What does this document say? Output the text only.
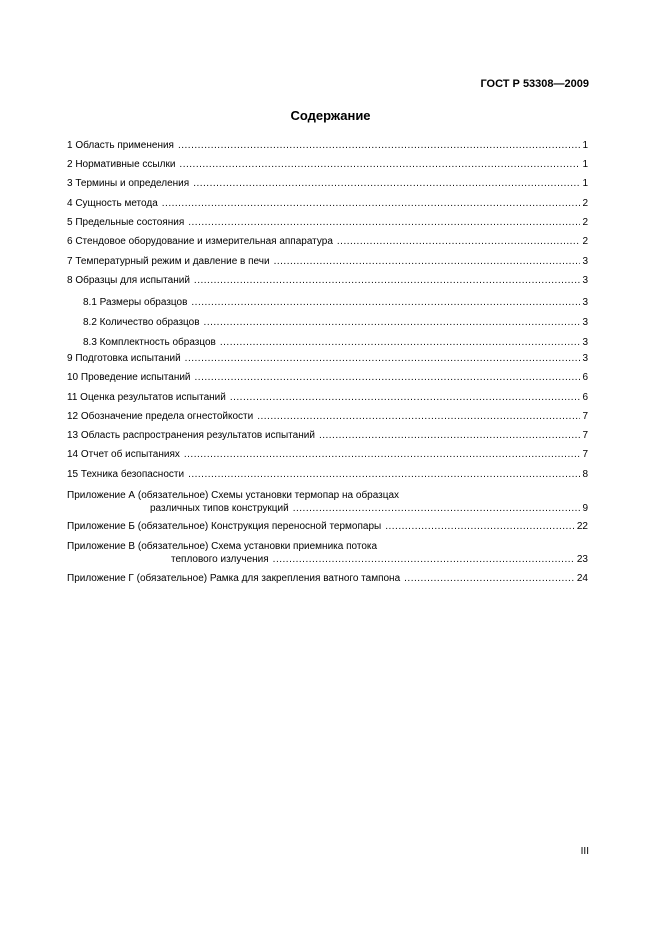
ГОСТ Р 53308—2009
Содержание
1 Область применения .....	1
2 Нормативные ссылки .....	1
3 Термины и определения .....	1
4 Сущность метода .....	2
5 Предельные состояния .....	2
6 Стендовое оборудование и измерительная аппаратура .....	2
7 Температурный режим и давление в печи .....	3
8 Образцы для испытаний .....	3
8.1 Размеры образцов .....	3
8.2 Количество образцов .....	3
8.3 Комплектность образцов .....	3
9 Подготовка испытаний .....	3
10 Проведение испытаний .....	6
11 Оценка результатов испытаний .....	6
12 Обозначение предела огнестойкости .....	7
13 Область распространения результатов испытаний .....	7
14 Отчет об испытаниях .....	7
15 Техника безопасности .....	8
Приложение А (обязательное) Схемы установки термопар на образцах
различных типов конструкций .....	9
Приложение Б (обязательное) Конструкция переносной термопары .....	22
Приложение В (обязательное) Схема установки приемника потока
теплового излучения .....	23
Приложение Г (обязательное) Рамка для закрепления ватного тампона .....	24
III
